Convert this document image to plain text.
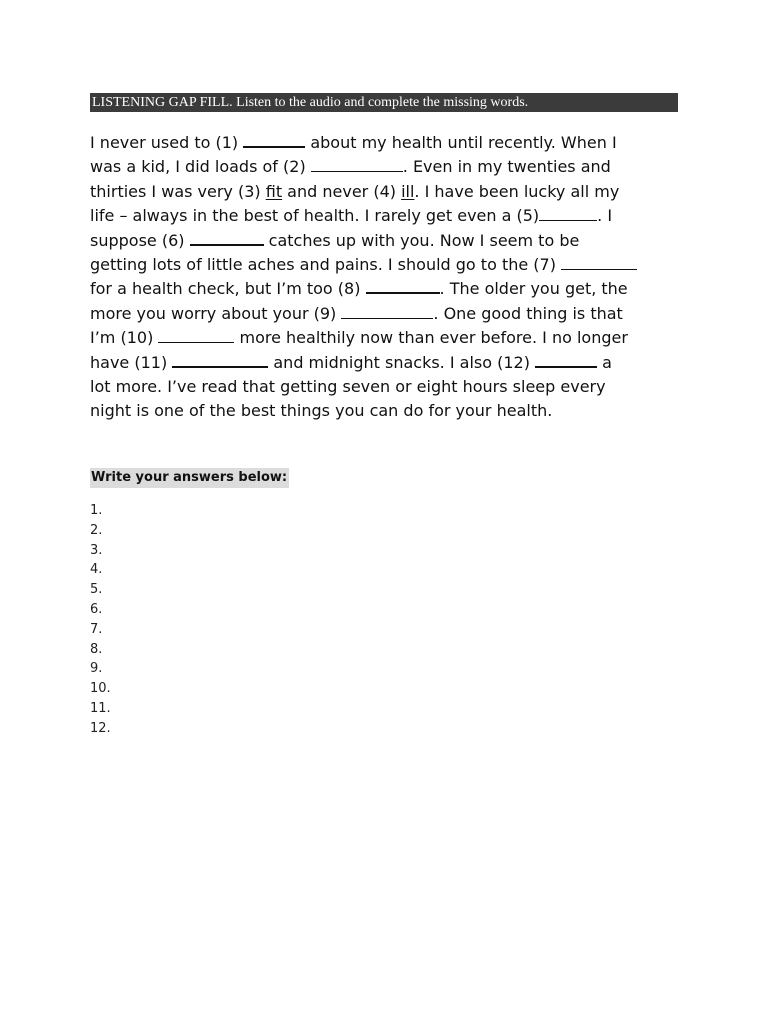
LISTENING GAP FILL. Listen to the audio and complete the missing words.
I never used to (1)	about my health until recently. When I
was a kid, I did loads of (2)	. Even in my twenties and
thirties I was very (3) fit and never (4) ill. I have been lucky all my
life – always in the best of health. I rarely get even a (5)	. I
suppose (6)	catches up with you. Now I seem to be
getting lots of little aches and pains. I should go to the (7)
for a health check, but I’m too (8)	. The older you get, the
more you worry about your (9)	. One good thing is that
I’m (10)	more healthily now than ever before. I no longer
have (11)	and midnight snacks. I also (12)	a
lot more. I’ve read that getting seven or eight hours sleep every
night is one of the best things you can do for your health.
Write your answers below:
1.
2.
3.
4.
5.
6.
7.
8.
9.
10.
11.
12.
